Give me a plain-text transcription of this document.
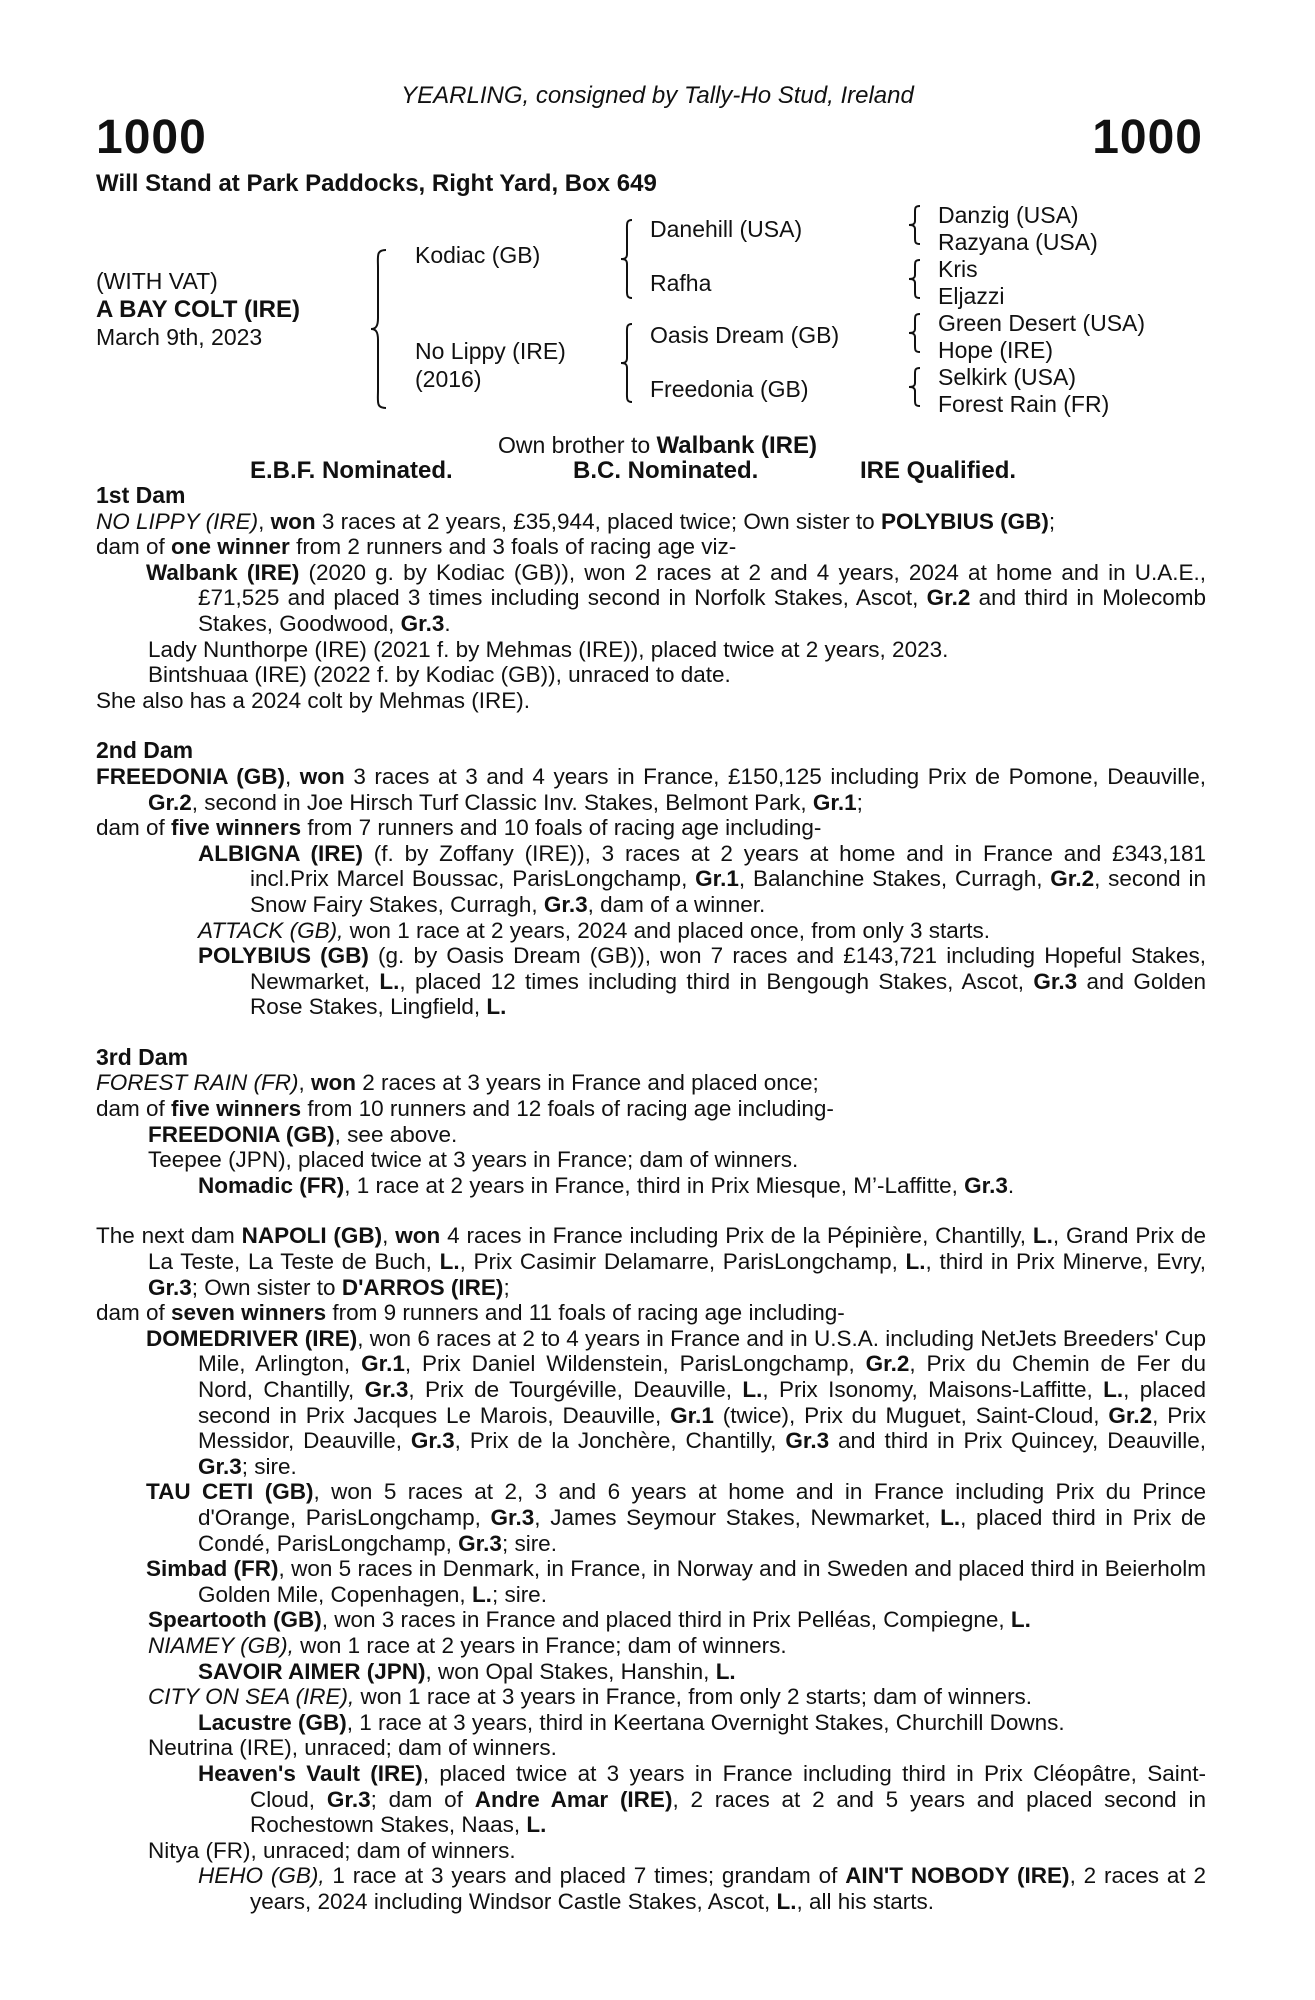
YEARLING, consigned by Tally-Ho Stud, Ireland
1000	1000
Will Stand at Park Paddocks, Right Yard, Box 649
(WITH VAT)
A BAY COLT (IRE)
March 9th, 2023
Kodiac (GB)
No Lippy (IRE)
(2016)
Danehill (USA)
Rafha
Oasis Dream (GB)
Freedonia (GB)
Danzig (USA)
Razyana (USA)
Kris
Eljazzi
Green Desert (USA)
Hope (IRE)
Selkirk (USA)
Forest Rain (FR)
Own brother to Walbank (IRE)
E.B.F. Nominated.	B.C. Nominated.	IRE Qualified.

1st Dam

NO LIPPY (IRE), won 3 races at 2 years, £35,944, placed twice; Own sister to POLYBIUS (GB);

dam of one winner from 2 runners and 3 foals of racing age viz-

Walbank (IRE) (2020 g. by Kodiac (GB)), won 2 races at 2 and 4 years, 2024 at home and in U.A.E., £71,525 and placed 3 times including second in Norfolk Stakes, Ascot, Gr.2 and third in Molecomb Stakes, Goodwood, Gr.3.

Lady Nunthorpe (IRE) (2021 f. by Mehmas (IRE)), placed twice at 2 years, 2023.

Bintshuaa (IRE) (2022 f. by Kodiac (GB)), unraced to date.

She also has a 2024 colt by Mehmas (IRE).

2nd Dam

FREEDONIA (GB), won 3 races at 3 and 4 years in France, £150,125 including Prix de Pomone, Deauville, Gr.2, second in Joe Hirsch Turf Classic Inv. Stakes, Belmont Park, Gr.1;

dam of five winners from 7 runners and 10 foals of racing age including-

ALBIGNA (IRE) (f. by Zoffany (IRE)), 3 races at 2 years at home and in France and £343,181 incl.Prix Marcel Boussac, ParisLongchamp, Gr.1, Balanchine Stakes, Curragh, Gr.2, second in Snow Fairy Stakes, Curragh, Gr.3, dam of a winner.

ATTACK (GB), won 1 race at 2 years, 2024 and placed once, from only 3 starts.

POLYBIUS (GB) (g. by Oasis Dream (GB)), won 7 races and £143,721 including Hopeful Stakes, Newmarket, L., placed 12 times including third in Bengough Stakes, Ascot, Gr.3 and Golden Rose Stakes, Lingfield, L.

3rd Dam

FOREST RAIN (FR), won 2 races at 3 years in France and placed once;

dam of five winners from 10 runners and 12 foals of racing age including-

FREEDONIA (GB), see above.

Teepee (JPN), placed twice at 3 years in France; dam of winners.

Nomadic (FR), 1 race at 2 years in France, third in Prix Miesque, M’-Laffitte, Gr.3.

The next dam NAPOLI (GB), won 4 races in France including Prix de la Pépinière, Chantilly, L., Grand Prix de La Teste, La Teste de Buch, L., Prix Casimir Delamarre, ParisLongchamp, L., third in Prix Minerve, Evry, Gr.3; Own sister to D'ARROS (IRE);

dam of seven winners from 9 runners and 11 foals of racing age including-

DOMEDRIVER (IRE), won 6 races at 2 to 4 years in France and in U.S.A. including NetJets Breeders' Cup Mile, Arlington, Gr.1, Prix Daniel Wildenstein, ParisLongchamp, Gr.2, Prix du Chemin de Fer du Nord, Chantilly, Gr.3, Prix de Tourgéville, Deauville, L., Prix Isonomy, Maisons-Laffitte, L., placed second in Prix Jacques Le Marois, Deauville, Gr.1 (twice), Prix du Muguet, Saint-Cloud, Gr.2, Prix Messidor, Deauville, Gr.3, Prix de la Jonchère, Chantilly, Gr.3 and third in Prix Quincey, Deauville, Gr.3; sire.

TAU CETI (GB), won 5 races at 2, 3 and 6 years at home and in France including Prix du Prince d'Orange, ParisLongchamp, Gr.3, James Seymour Stakes, Newmarket, L., placed third in Prix de Condé, ParisLongchamp, Gr.3; sire.

Simbad (FR), won 5 races in Denmark, in France, in Norway and in Sweden and placed third in Beierholm Golden Mile, Copenhagen, L.; sire.

Speartooth (GB), won 3 races in France and placed third in Prix Pelléas, Compiegne, L.

NIAMEY (GB), won 1 race at 2 years in France; dam of winners.

SAVOIR AIMER (JPN), won Opal Stakes, Hanshin, L.

CITY ON SEA (IRE), won 1 race at 3 years in France, from only 2 starts; dam of winners.

Lacustre (GB), 1 race at 3 years, third in Keertana Overnight Stakes, Churchill Downs.

Neutrina (IRE), unraced; dam of winners.

Heaven's Vault (IRE), placed twice at 3 years in France including third in Prix Cléopâtre, Saint-Cloud, Gr.3; dam of Andre Amar (IRE), 2 races at 2 and 5 years and placed second in Rochestown Stakes, Naas, L.

Nitya (FR), unraced; dam of winners.

HEHO (GB), 1 race at 3 years and placed 7 times; grandam of AIN'T NOBODY (IRE), 2 races at 2 years, 2024 including Windsor Castle Stakes, Ascot, L., all his starts.
